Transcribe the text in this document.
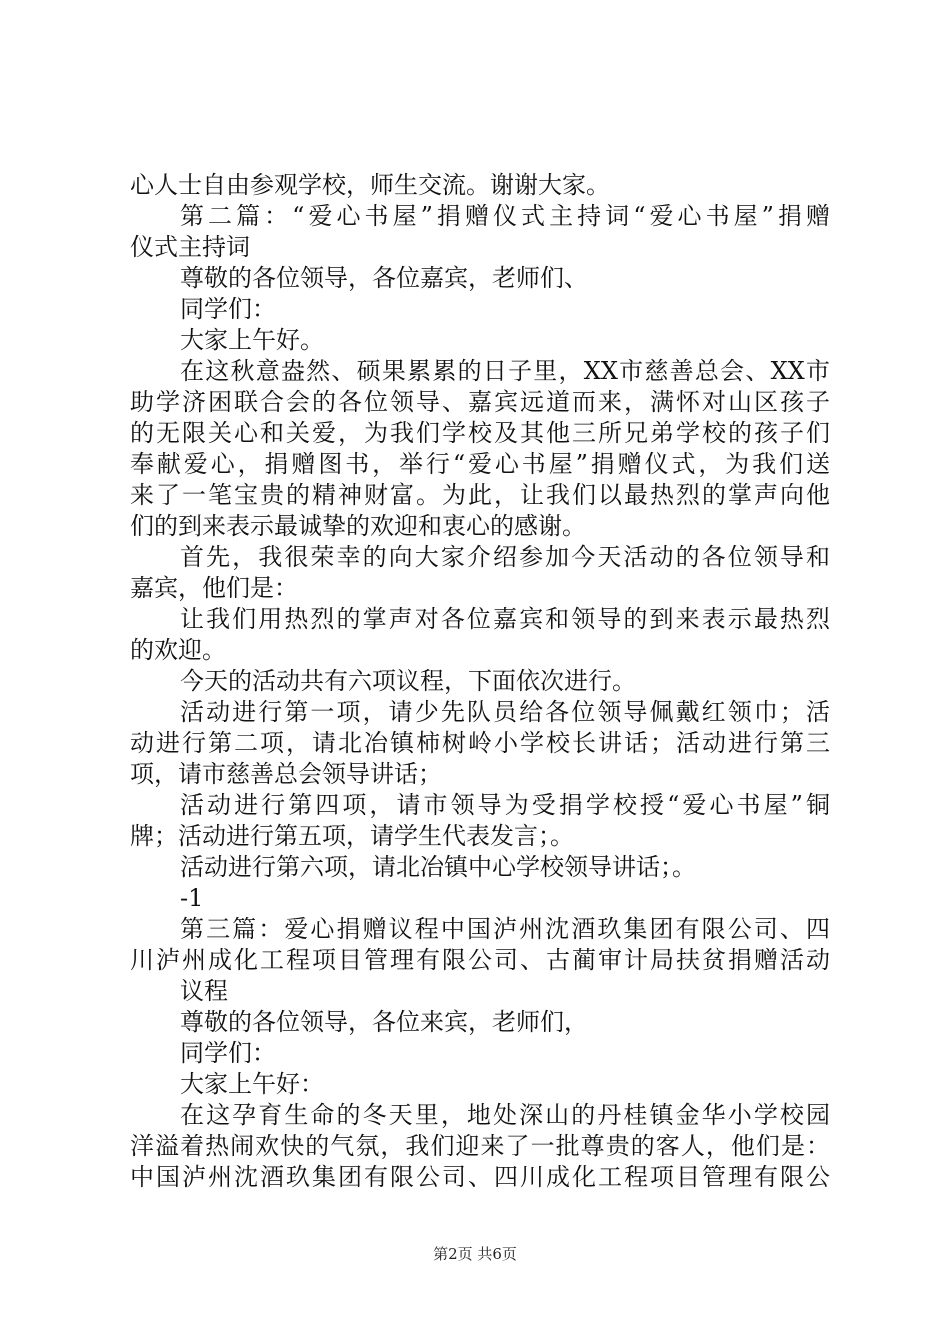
心人士自由参观学校，师生交流。谢谢大家。
第二篇：“爱心书屋”捐赠仪式主持词“爱心书屋”捐赠
仪式主持词
尊敬的各位领导，各位嘉宾，老师们、
同学们：
大家上午好。
在这秋意盎然、硕果累累的日子里，XX市慈善总会、XX市
助学济困联合会的各位领导、嘉宾远道而来，满怀对山区孩子
的无限关心和关爱，为我们学校及其他三所兄弟学校的孩子们
奉献爱心，捐赠图书，举行“爱心书屋”捐赠仪式，为我们送
来了一笔宝贵的精神财富。为此，让我们以最热烈的掌声向他
们的到来表示最诚挚的欢迎和衷心的感谢。
首先，我很荣幸的向大家介绍参加今天活动的各位领导和
嘉宾，他们是：
让我们用热烈的掌声对各位嘉宾和领导的到来表示最热烈
的欢迎。
今天的活动共有六项议程，下面依次进行。
活动进行第一项，请少先队员给各位领导佩戴红领巾；活
动进行第二项，请北冶镇柿树岭小学校长讲话；活动进行第三
项，请市慈善总会领导讲话；
活动进行第四项，请市领导为受捐学校授“爱心书屋”铜
牌；活动进行第五项，请学生代表发言；。
活动进行第六项，请北冶镇中心学校领导讲话；。
-1
第三篇：爱心捐赠议程中国泸州沈酒玖集团有限公司、四
川泸州成化工程项目管理有限公司、古蔺审计局扶贫捐赠活动
议程
尊敬的各位领导，各位来宾，老师们，
同学们：
大家上午好：
在这孕育生命的冬天里，地处深山的丹桂镇金华小学校园
洋溢着热闹欢快的气氛，我们迎来了一批尊贵的客人，他们是：
中国泸州沈酒玖集团有限公司、四川成化工程项目管理有限公
第2页 共6页
